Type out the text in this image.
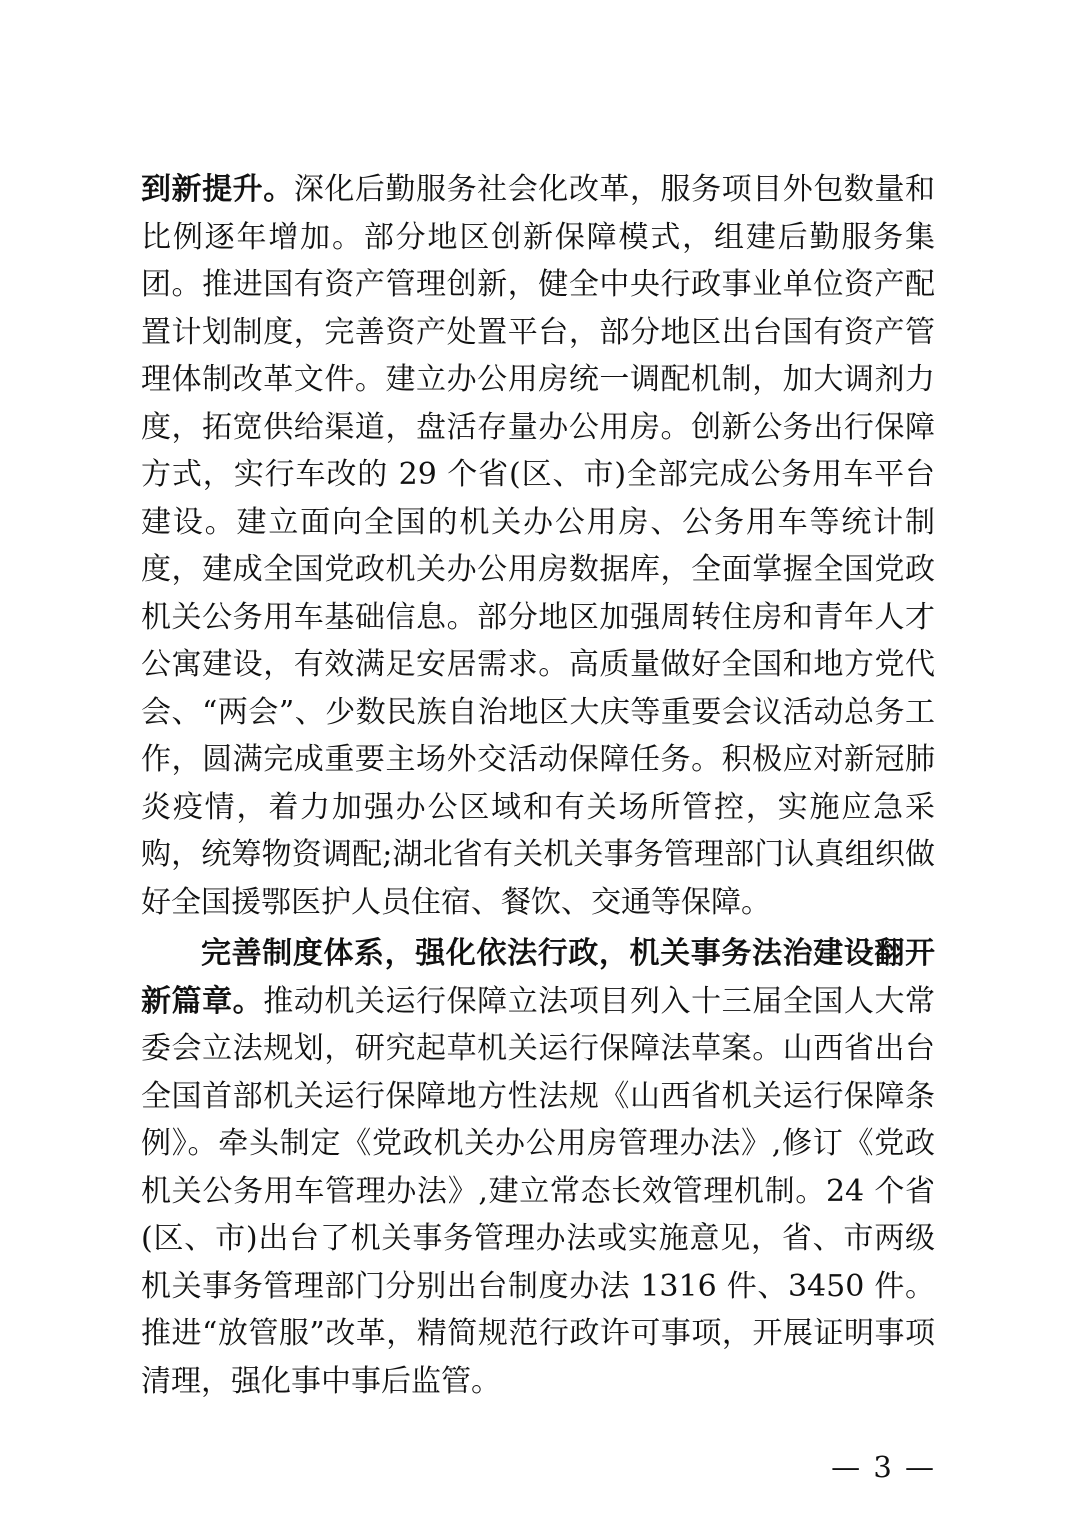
到新提升。深化后勤服务社会化改革，服务项目外包数量和比例逐年增加。部分地区创新保障模式，组建后勤服务集团。推进国有资产管理创新，健全中央行政事业单位资产配置计划制度，完善资产处置平台，部分地区出台国有资产管理体制改革文件。建立办公用房统一调配机制，加大调剂力度，拓宽供给渠道，盘活存量办公用房。创新公务出行保障方式，实行车改的 29 个省(区、市)全部完成公务用车平台建设。建立面向全国的机关办公用房、公务用车等统计制度，建成全国党政机关办公用房数据库，全面掌握全国党政机关公务用车基础信息。部分地区加强周转住房和青年人才公寓建设，有效满足安居需求。高质量做好全国和地方党代会、“两会”、少数民族自治地区大庆等重要会议活动总务工作，圆满完成重要主场外交活动保障任务。积极应对新冠肺炎疫情，着力加强办公区域和有关场所管控，实施应急采购，统筹物资调配;湖北省有关机关事务管理部门认真组织做好全国援鄂医护人员住宿、餐饮、交通等保障。

完善制度体系，强化依法行政，机关事务法治建设翻开新篇章。推动机关运行保障立法项目列入十三届全国人大常委会立法规划，研究起草机关运行保障法草案。山西省出台全国首部机关运行保障地方性法规《山西省机关运行保障条例》。牵头制定《党政机关办公用房管理办法》,修订《党政机关公务用车管理办法》,建立常态长效管理机制。24 个省(区、市)出台了机关事务管理办法或实施意见，省、市两级机关事务管理部门分别出台制度办法 1316 件、3450 件。推进“放管服”改革，精简规范行政许可事项，开展证明事项清理，强化事中事后监管。

— 3 —
